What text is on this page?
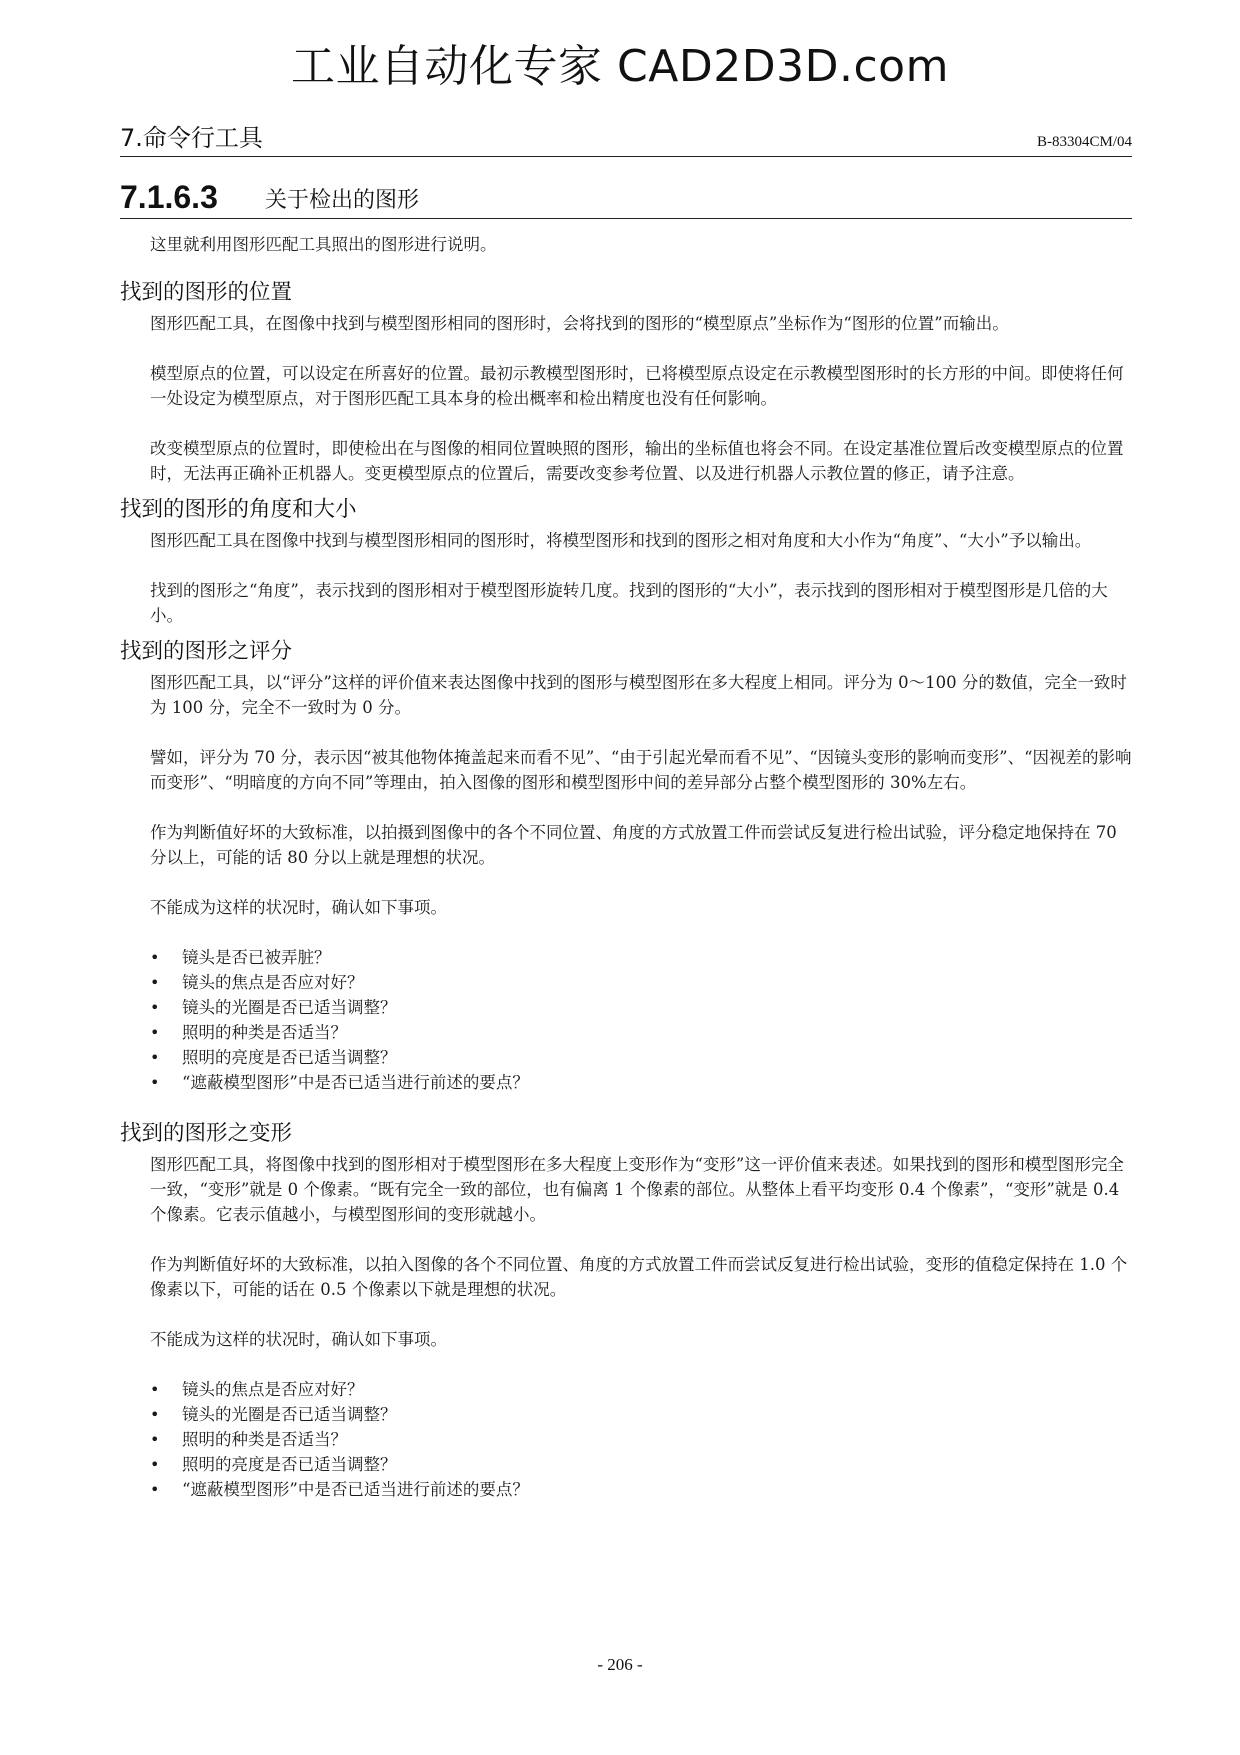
工业自动化专家 CAD2D3D.com
7.命令行工具	B-83304CM/04
7.1.6.3 关于检出的图形

这里就利用图形匹配工具照出的图形进行说明。

找到的图形的位置

图形匹配工具，在图像中找到与模型图形相同的图形时，会将找到的图形的“模型原点”坐标作为“图形的位置”而输出。

模型原点的位置，可以设定在所喜好的位置。最初示教模型图形时，已将模型原点设定在示教模型图形时的长方形的中间。即使将任何一处设定为模型原点，对于图形匹配工具本身的检出概率和检出精度也没有任何影响。

改变模型原点的位置时，即使检出在与图像的相同位置映照的图形，输出的坐标值也将会不同。在设定基准位置后改变模型原点的位置时，无法再正确补正机器人。变更模型原点的位置后，需要改变参考位置、以及进行机器人示教位置的修正，请予注意。

找到的图形的角度和大小

图形匹配工具在图像中找到与模型图形相同的图形时，将模型图形和找到的图形之相对角度和大小作为“角度”、“大小”予以输出。

找到的图形之“角度”，表示找到的图形相对于模型图形旋转几度。找到的图形的“大小”，表示找到的图形相对于模型图形是几倍的大小。

找到的图形之评分

图形匹配工具，以“评分”这样的评价值来表达图像中找到的图形与模型图形在多大程度上相同。评分为 0～100 分的数值，完全一致时为 100 分，完全不一致时为 0 分。

譬如，评分为 70 分，表示因“被其他物体掩盖起来而看不见”、“由于引起光晕而看不见”、“因镜头变形的影响而变形”、“因视差的影响而变形”、“明暗度的方向不同”等理由，拍入图像的图形和模型图形中间的差异部分占整个模型图形的 30%左右。

作为判断值好坏的大致标准，以拍摄到图像中的各个不同位置、角度的方式放置工件而尝试反复进行检出试验，评分稳定地保持在 70 分以上，可能的话 80 分以上就是理想的状况。

不能成为这样的状况时，确认如下事项。

• 镜头是否已被弄脏？
• 镜头的焦点是否应对好？
• 镜头的光圈是否已适当调整？
• 照明的种类是否适当？
• 照明的亮度是否已适当调整？
• “遮蔽模型图形”中是否已适当进行前述的要点？
找到的图形之变形

图形匹配工具，将图像中找到的图形相对于模型图形在多大程度上变形作为“变形”这一评价值来表述。如果找到的图形和模型图形完全一致，“变形”就是 0 个像素。“既有完全一致的部位，也有偏离 1 个像素的部位。从整体上看平均变形 0.4 个像素”，“变形”就是 0.4 个像素。它表示值越小，与模型图形间的变形就越小。

作为判断值好坏的大致标准，以拍入图像的各个不同位置、角度的方式放置工件而尝试反复进行检出试验，变形的值稳定保持在 1.0 个像素以下，可能的话在 0.5 个像素以下就是理想的状况。

不能成为这样的状况时，确认如下事项。

• 镜头的焦点是否应对好？
• 镜头的光圈是否已适当调整？
• 照明的种类是否适当？
• 照明的亮度是否已适当调整？
• “遮蔽模型图形”中是否已适当进行前述的要点？
- 206 -
